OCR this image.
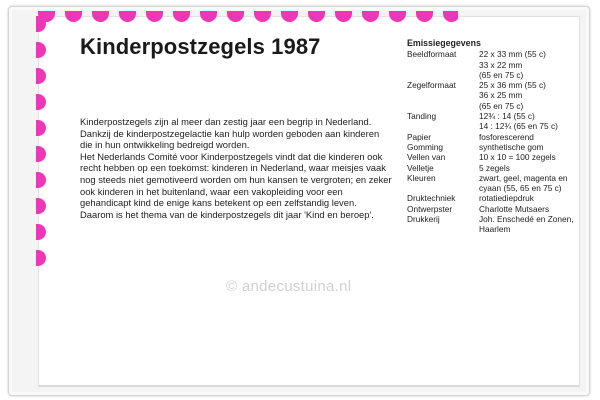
Kinderpostzegels 1987

Kinderpostzegels zijn al meer dan zestig jaar een begrip in Nederland. Dankzij de kinderpostzegelactie kan hulp worden geboden aan kinderen die in hun ontwikkeling bedreigd worden.

Het Nederlands Comité voor Kinderpostzegels vindt dat die kinderen ook recht hebben op een toekomst: kinderen in Nederland, waar meisjes vaak nog steeds niet gemotiveerd worden om hun kansen te vergroten; en zeker ook kinderen in het buitenland, waar een vakopleiding voor een gehandicapt kind de enige kans betekent op een zelfstandig leven.

Daarom is het thema van de kinderpostzegels dit jaar 'Kind en beroep'.

Emissiegegevens
Beeldformaat	22 x 33 mm (55 c)
33 x 22 mm
(65 en 75 c)
Zegelformaat	25 x 36 mm (55 c)
36 x 25 mm
(65 en 75 c)
Tanding	12¾ : 14 (55 c)
14 : 12¾ (65 en 75 c)
Papier	fosforescerend
Gomming	synthetische gom
Vellen van	10 x 10 = 100 zegels
Velletje	5 zegels
Kleuren	zwart, geel, magenta en cyaan (55, 65 en 75 c)
Druktechniek	rotatiediepdruk
Ontwerpster	Charlotte Mutsaers
Drukkerij	Joh. Enschedé en Zonen, Haarlem
© andecustuina.nl
